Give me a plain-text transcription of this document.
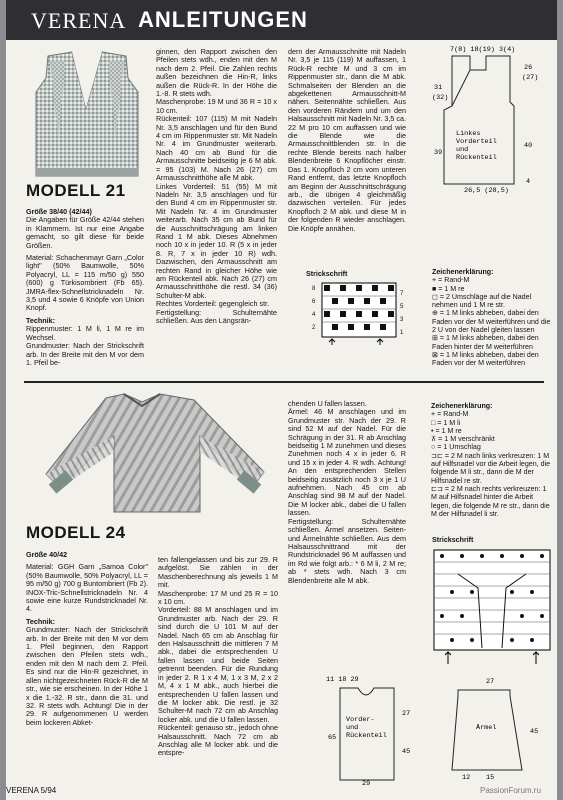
VERENA ANLEITUNGEN
MODELL 21

Größe 38/40 (42/44)
Die Angaben für Größe 42/44 stehen in Klammern. Ist nur eine Angabe gemacht, so gilt diese für beide Größen.

Material: Schachenmayr Garn „Color light" (50% Baumwolle, 50% Polyacryl, LL = 115 m/50 g) 550 (600) g Türkisombriert (Fb 65). JMRA-flex-Schnellstricknadeln Nr. 3,5 und 4 sowie 6 Knöpfe von Union Knopf.

Technik:

Rippenmuster: 1 M li, 1 M re im Wechsel.

Grundmuster: Nach der Strickschrift arb. In der Breite mit den M vor dem 1. Pfeil be-

ginnen, den Rapport zwischen den Pfeilen stets wdh., enden mit den M nach dem 2. Pfeil. Die Zahlen rechts außen bezeichnen die Hin-R, links außen die Rück-R. In der Höhe die 1.-8. R stets wdh.
Maschenprobe: 19 M und 36 R = 10 x 10 cm.
Rückenteil: 107 (115) M mit Nadeln Nr. 3,5 anschlagen und für den Bund 4 cm im Rippenmuster str. Mit Nadeln Nr. 4 im Grundmuster weiterarb. Nach 40 cm ab Bund für die Armausschnitte beidseitig je 6 M abk. = 95 (103) M. Nach 26 (27) cm Armausschnitthöhe alle M abk.
Linkes Vorderteil: 51 (55) M mit Nadeln Nr. 3,5 anschlagen und für den Bund 4 cm im Rippenmuster str. Mit Nadeln Nr. 4 im Grundmuster weiterarb. Nach 35 cm ab Bund für die Ausschnittschrägung am linken Rand 1 M abk. Dieses Abnehmen noch 10 x in jeder 10. R (5 x in jeder 8. R, 7 x in jeder 10 R) wdh. Dazwischen, den Armausschnitt am rechten Rand in gleicher Höhe wie am Rückenteil abk. Nach 26 (27) cm Armausschnitthöhe die restl. 34 (36) Schulter-M abk.
Rechtes Vorderteil: gegengleich str.
Fertigstellung: Schulternähte schließen. Aus den Längsrän-
dern der Armausschnitte mit Nadeln Nr. 3,5 je 115 (119) M auffassen, 1 Rück-R rechte M und 3 cm im Rippenmuster str., dann die M abk. Schmalseiten der Blenden an die abgekettenen Armausschnitt-M nähen. Seitennähte schließen. Aus den vorderen Rändern und um den Halsausschnitt mit Nadeln Nr. 3,5 ca. 22 M pro 10 cm auffassen und wie die Blende wie die Armausschnittblenden str. In die rechte Blende bereits nach halber Blendenbreite 6 Knopflöcher einstr. Das 1. Knopfloch 2 cm vom unteren Rand entfernt, das letzte Knopfloch am Beginn der Ausschnittschrägung arb., die übrigen 4 gleichmäßig dazwischen verteilen. Für jedes Knopfloch 2 M abk. und diese M in der folgenden R wieder anschlagen. Die Knöpfe annähen.
7(8) 18(19) 3(4)
31
(32)
39
26
(27)
40
4
Linkes Vorderteil und Rückenteil
26,5 (28,5)
Strickschrift
8
6
4
2
7
5
3
1
Zeichenerklärung:
+ = Rand-M
■ = 1 M re
◻ = 2 Umschläge auf die Nadel nehmen und 1 M re str.
⊕ = 1 M links abheben, dabei den Faden vor der M weiterführen und die 2 U von der Nadel gleiten lassen
⊞ = 1 M links abheben, dabei den Faden hinter der M weiterführen
⊠ = 1 M links abheben, dabei den Faden vor der M weiterführen
MODELL 24

Größe 40/42

Material: GGH Garn „Samoa Color" (50% Baumwolle, 50% Polyacryl, LL = 95 m/50 g) 700 g Buntombriert (Fb 2). INOX-Tric-Schnellstricknadeln Nr. 4 sowie eine kurze Rundstricknadel Nr. 4.

Technik:

Grundmuster: Nach der Strickschrift arb. In der Breite mit den M vor dem 1. Pfeil beginnen, den Rapport zwischen den Pfeilen stets wdh., enden mit den M nach dem 2. Pfeil. Es sind nur die Hin-R gezeichnet, in allen nichtgezeichneten Rück-R die M str., wie sie erscheinen. In der Höhe 1 x die 1.-32. R str., dann die 31. und 32. R stets wdh. Achtung! Die in der 29. R aufgenommenen U werden beim lockeren Abket-

ten fallengelassen und bis zur 29. R aufgelöst. Sie zählen in der Maschenberechnung als jeweils 1 M mit.
Maschenprobe: 17 M und 25 R = 10 x 10 cm.
Vorderteil: 88 M anschlagen und im Grundmuster arb. Nach der 29. R sind durch die U 101 M auf der Nadel. Nach 65 cm ab Anschlag für den Halsausschnitt die mittleren 7 M abk., dabei die entsprechenden U fallen lassen und beide Seiten getrennt beenden. Für die Rundung in jeder 2. R 1 x 4 M, 1 x 3 M, 2 x 2 M, 4 x 1 M abk., auch hierbei die entsprechenden U fallen lassen und die M locker abk. Die restl. je 32 Schulter-M nach 72 cm ab Anschlag locker abk. und die U fallen lassen.
Rückenteil: genauso str., jedoch ohne Halsausschnitt. Nach 72 cm ab Anschlag alle M locker abk. und die entspre-
chenden U fallen lassen.
Ärmel: 46 M anschlagen und im Grundmuster str. Nach der 29. R sind 52 M auf der Nadel. Für die Schrägung in der 31. R ab Anschlag beidseitig 1 M zunehmen und dieses Zunehmen noch 4 x in jeder 6. R und 15 x in jeder 4. R wdh. Achtung! An den entsprechenden Stellen beidseitig zusätzlich noch 3 x je 1 U aufnehmen. Nach 45 cm ab Anschlag sind 98 M auf der Nadel. Die M locker abk., dabei die U fallen lassen.
Fertigstellung: Schulternähte schließen. Ärmel ansetzen. Seiten- und Ärmelnähte schließen. Aus dem Halsausschnittrand mit der Rundstricknadel 96 M auffassen und im Rd wie folgt arb.: * 6 M li, 2 M re; ab * stets wdh. Nach 3 cm Blendenbreite alle M abk.
Zeichenerklärung:
+ = Rand-M
□ = 1 M li
• = 1 M re
⊼ = 1 M verschränkt
○ = 1 Umschlag
⊐⊏ = 2 M nach links verkreuzen: 1 M auf Hilfsnadel vor die Arbeit legen, die folgende M li str., dann die M der Hilfsnadel re str.
⊏⊐ = 2 M nach rechts verkreuzen: 1 M auf Hilfsnadel hinter die Arbeit legen, die folgende M re str., dann die M der Hilfsnadel li str.
Strickschrift
11 18 29
Vorder- und Rückenteil
65
27
45
29
27
Ärmel	45
12 15
VERENA 5/94	PassionForum.ru
